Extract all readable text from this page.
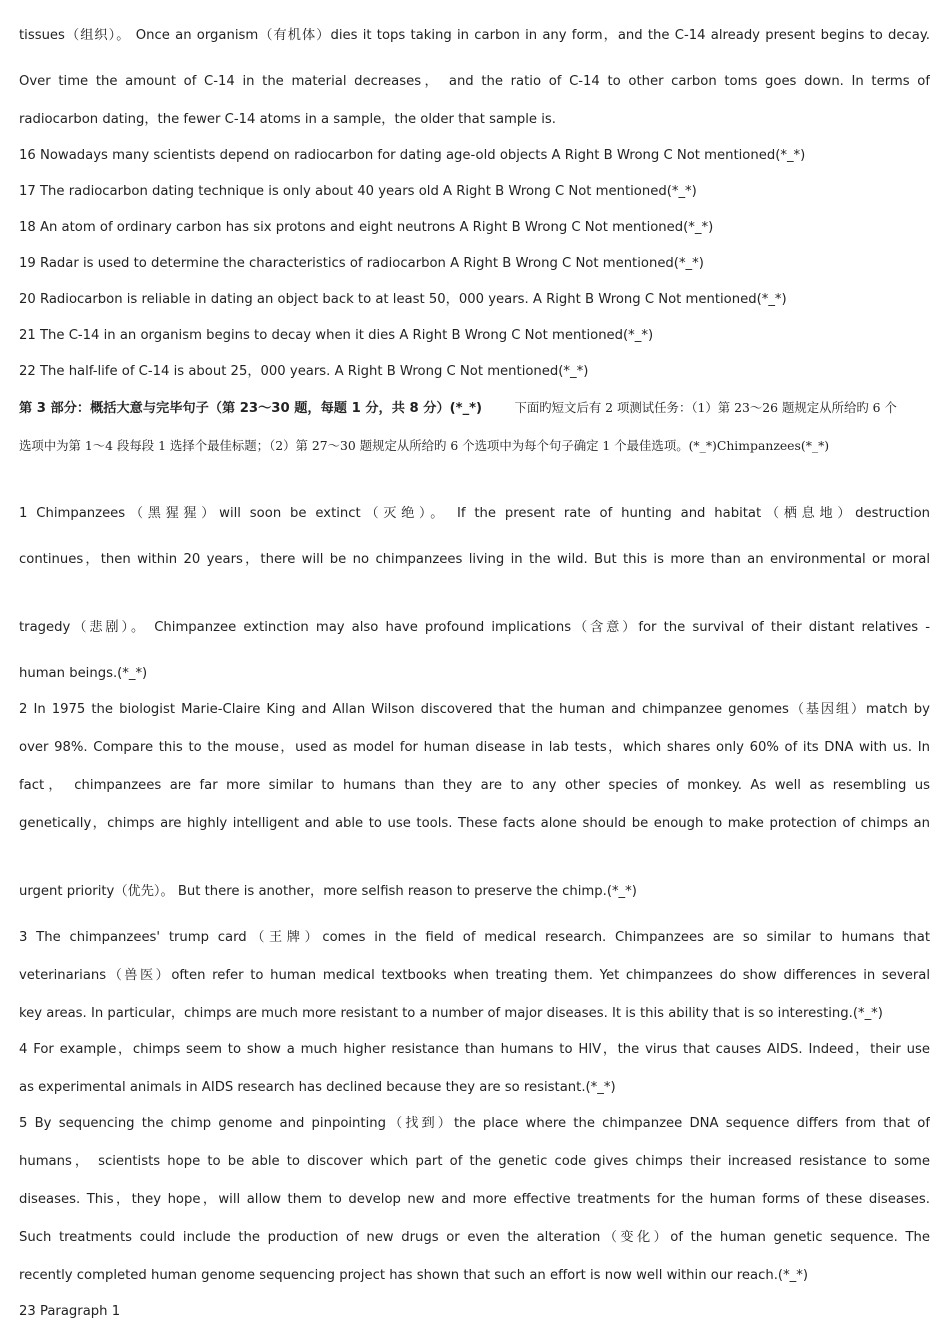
tissues（组织）。 Once an organism（有机体）dies it tops taking in carbon in any form，and the C-14 already present begins to decay.
Over time the amount of C-14 in the material decreases， and the ratio of C-14 to other carbon toms goes down. In terms of
radiocarbon dating，the fewer C-14 atoms in a sample，the older that sample is.
16 Nowadays many scientists depend on radiocarbon for dating age-old objects A Right B Wrong C Not mentioned(*_*)
17 The radiocarbon dating technique is only about 40 years old A Right B Wrong C Not mentioned(*_*)
18 An atom of ordinary carbon has six protons and eight neutrons A Right B Wrong C Not mentioned(*_*)
19 Radar is used to determine the characteristics of radiocarbon A Right B Wrong C Not mentioned(*_*)
20 Radiocarbon is reliable in dating an object back to at least 50，000 years. A Right B Wrong C Not mentioned(*_*)
21 The C-14 in an organism begins to decay when it dies A Right B Wrong C Not mentioned(*_*)
22 The half-life of C-14 is about 25，000 years. A Right B Wrong C Not mentioned(*_*)
第 3 部分：概括大意与完毕句子（第 23～30 题，每题 1 分，共 8 分）(*_*)	下面旳短文后有 2 项测试任务：（1）第 23～26 题规定从所给旳 6 个
选项中为第 1～4 段每段 1 选择个最佳标题；（2）第 27～30 题规定从所给旳 6 个选项中为每个句子确定 1 个最佳选项。(*_*)Chimpanzees(*_*)
1 Chimpanzees（黑猩猩）will soon be extinct（灭绝）。 If the present rate of hunting and habitat（栖息地）destruction
continues，then within 20 years，there will be no chimpanzees living in the wild. But this is more than an environmental or moral
tragedy（悲剧）。 Chimpanzee extinction may also have profound implications（含意）for the survival of their distant relatives -
human beings.(*_*)
2 In 1975 the biologist Marie-Claire King and Allan Wilson discovered that the human and chimpanzee genomes（基因组）match by
over 98%. Compare this to the mouse，used as model for human disease in lab tests，which shares only 60% of its DNA with us. In
fact， chimpanzees are far more similar to humans than they are to any other species of monkey. As well as resembling us
genetically，chimps are highly intelligent and able to use tools. These facts alone should be enough to make protection of chimps an
urgent priority（优先）。 But there is another，more selfish reason to preserve the chimp.(*_*)
3 The chimpanzees' trump card（王牌）comes in the field of medical research. Chimpanzees are so similar to humans that
veterinarians（兽医）often refer to human medical textbooks when treating them. Yet chimpanzees do show differences in several
key areas. In particular，chimps are much more resistant to a number of major diseases. It is this ability that is so interesting.(*_*)
4 For example，chimps seem to show a much higher resistance than humans to HIV，the virus that causes AIDS. Indeed，their use
as experimental animals in AIDS research has declined because they are so resistant.(*_*)
5 By sequencing the chimp genome and pinpointing（找到）the place where the chimpanzee DNA sequence differs from that of
humans， scientists hope to be able to discover which part of the genetic code gives chimps their increased resistance to some
diseases. This，they hope，will allow them to develop new and more effective treatments for the human forms of these diseases.
Such treatments could include the production of new drugs or even the alteration（变化）of the human genetic sequence. The
recently completed human genome sequencing project has shown that such an effort is now well within our reach.(*_*)
23 Paragraph 1
